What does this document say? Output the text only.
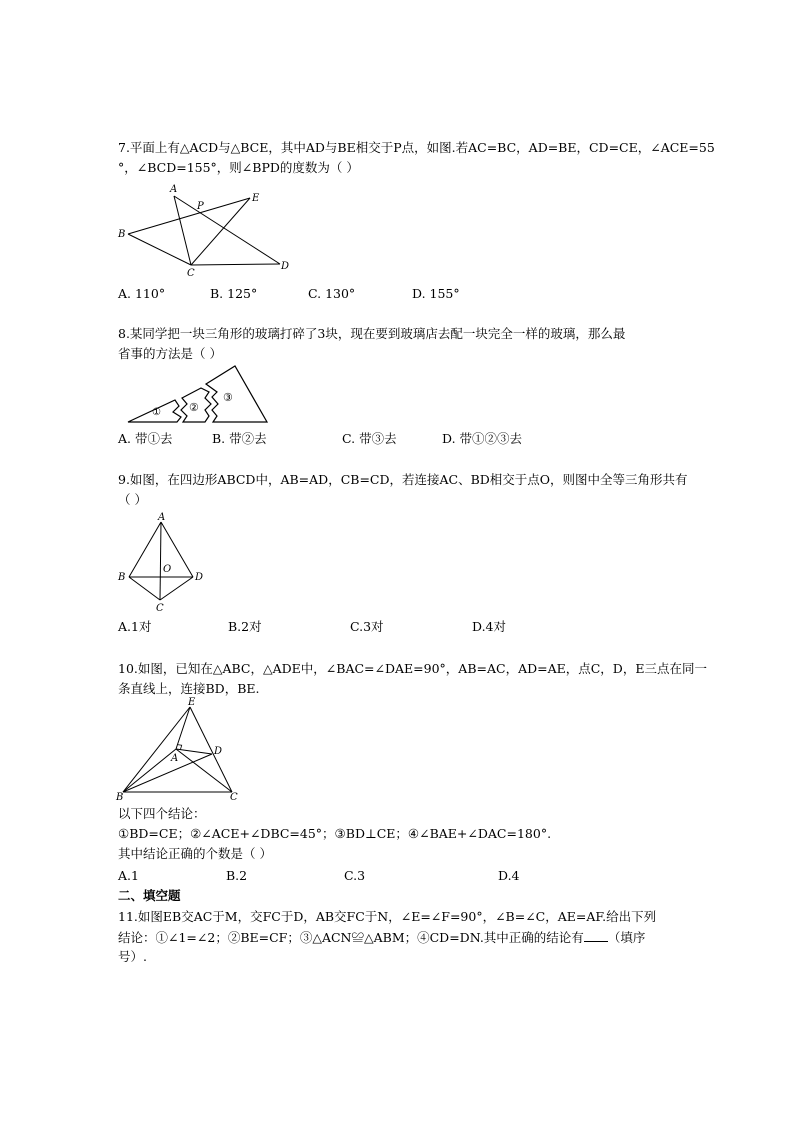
7.平面上有△ACD与△BCE，其中AD与BE相交于P点，如图.若AC=BC，AD=BE，CD=CE，∠ACE=55
°，∠BCD=155°，则∠BPD的度数为（ ）
A
B
C
D
E
P
A. 110°	B. 125°	C. 130°	D. 155°
8.某同学把一块三角形的玻璃打碎了3块，现在要到玻璃店去配一块完全一样的玻璃，那么最
省事的方法是（ ）
①	②
③
A. 带①去	B. 带②去	C. 带③去	D. 带①②③去
9.如图，在四边形ABCD中，AB=AD，CB=CD，若连接AC、BD相交于点O，则图中全等三角形共有
（ ）
A
B
C
D
O
A.1对	B.2对	C.3对	D.4对
10.如图，已知在△ABC，△ADE中，∠BAC=∠DAE=90°，AB=AC，AD=AE，点C，D，E三点在同一
条直线上，连接BD，BE.
E
A
D
B	C
以下四个结论：
①BD=CE；②∠ACE+∠DBC=45°；③BD⊥CE；④∠BAE+∠DAC=180°.
其中结论正确的个数是（ ）
A.1	B.2	C.3	D.4
二、填空题
11.如图EB交AC于M，交FC于D，AB交FC于N，∠E=∠F=90°，∠B=∠C，AE=AF.给出下列
结论：①∠1=∠2；②BE=CF；③△ACN≌△ABM；④CD=DN.其中正确的结论有 （填序
号）.
